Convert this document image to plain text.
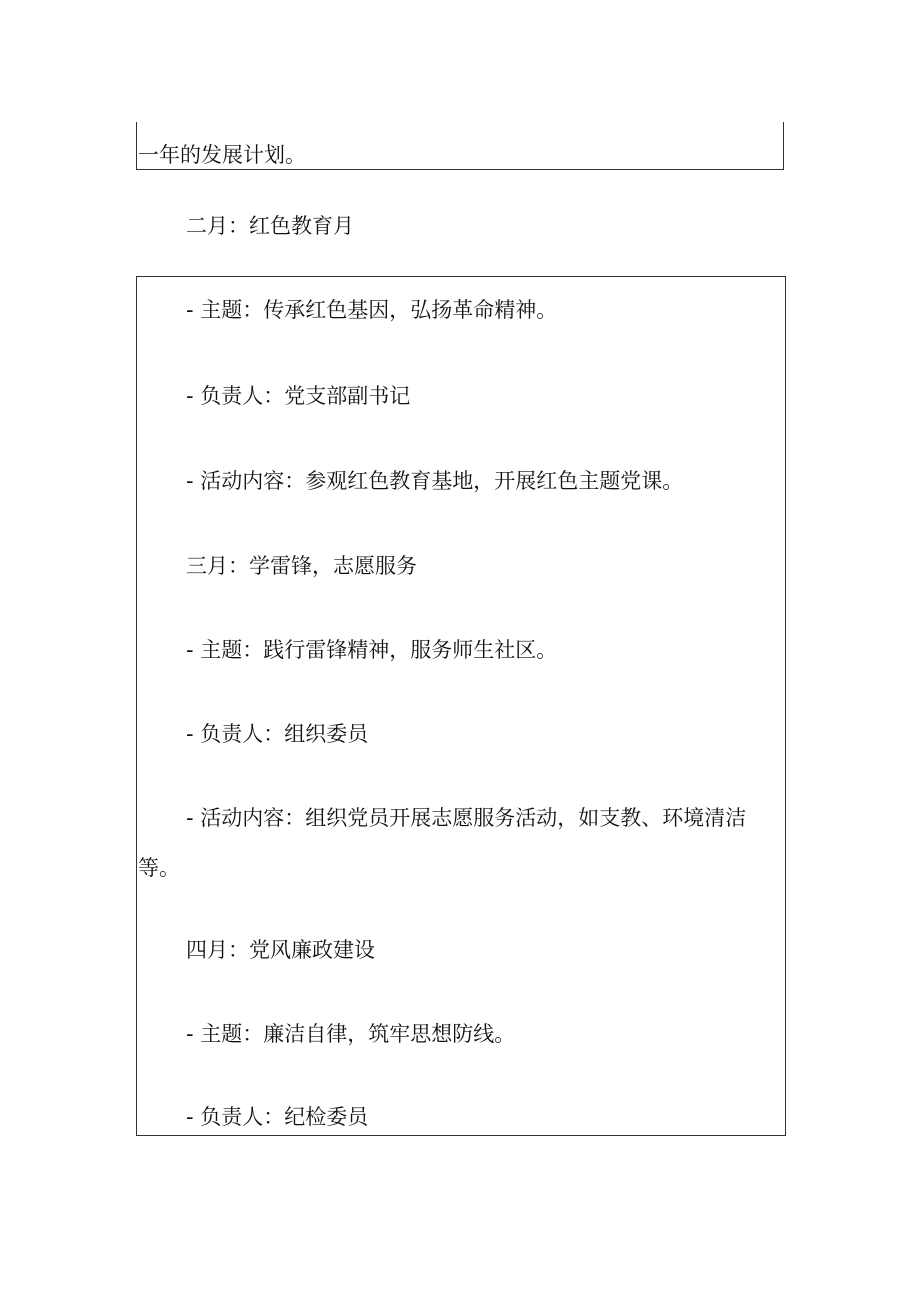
一年的发展计划。
二月：红色教育月
- 主题：传承红色基因，弘扬革命精神。
- 负责人：党支部副书记
- 活动内容：参观红色教育基地，开展红色主题党课。
三月：学雷锋，志愿服务
- 主题：践行雷锋精神，服务师生社区。
- 负责人：组织委员
- 活动内容：组织党员开展志愿服务活动，如支教、环境清洁
等。
四月：党风廉政建设
- 主题：廉洁自律，筑牢思想防线。
- 负责人：纪检委员
